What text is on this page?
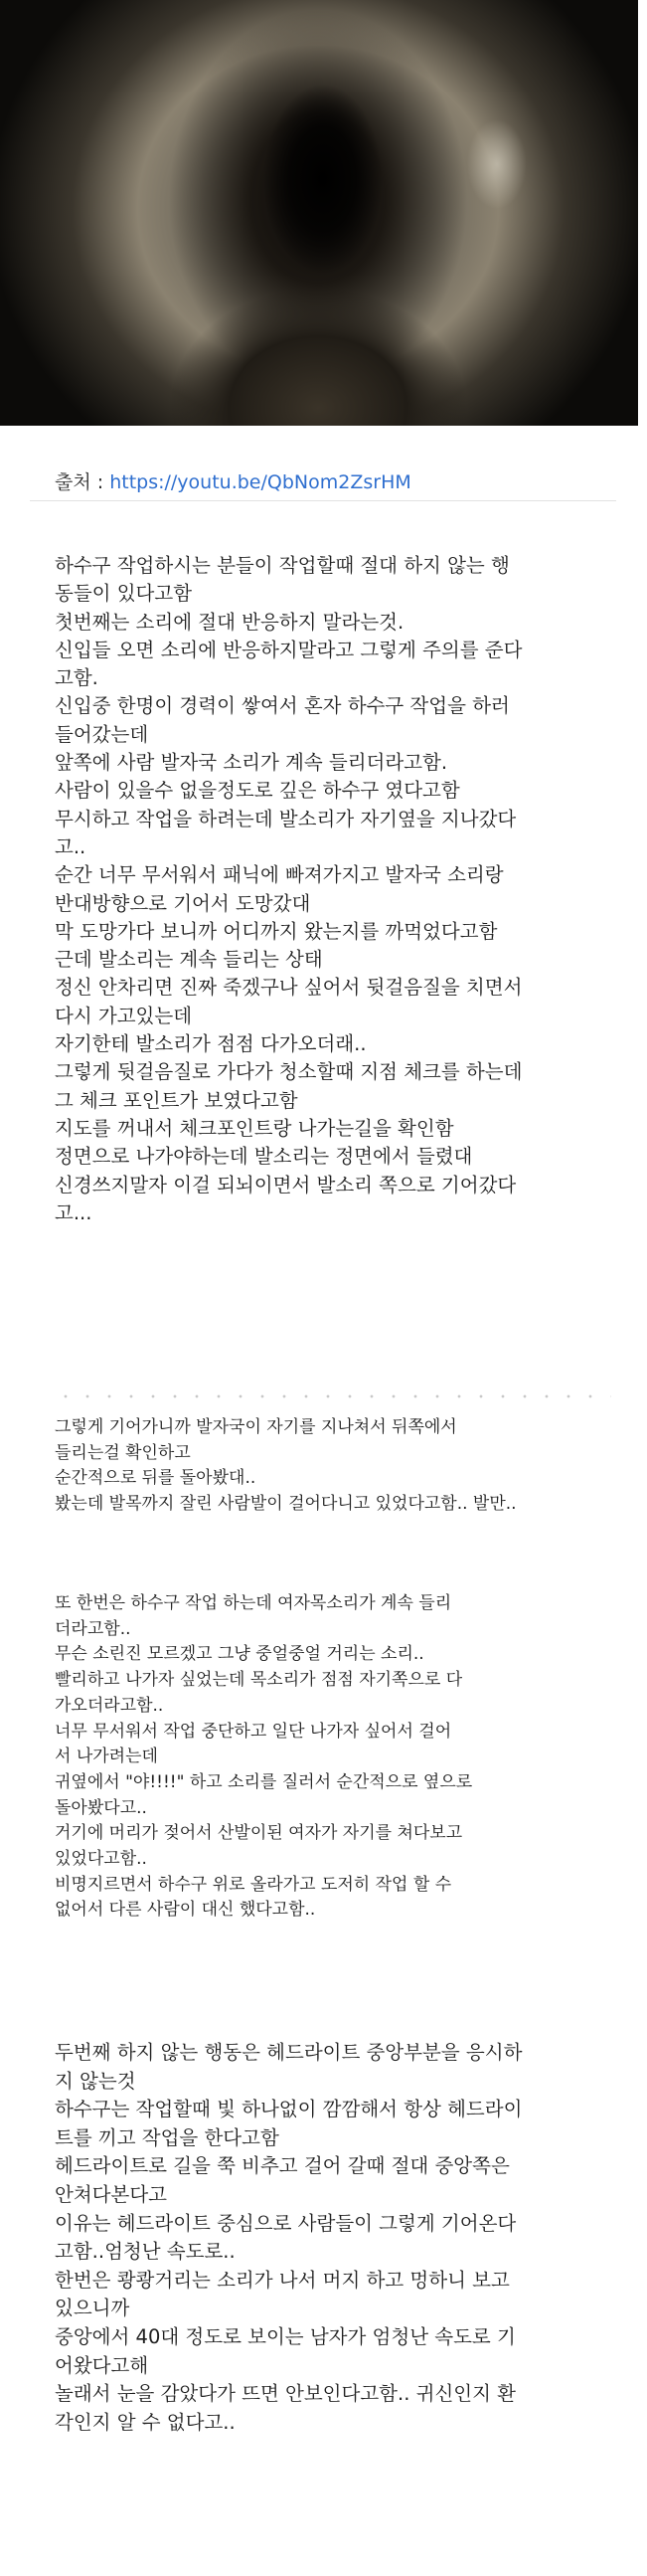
출처 : https://youtu.be/QbNom2ZsrHM
하수구 작업하시는 분들이 작업할때 절대 하지 않는 행
동들이 있다고함
첫번째는 소리에 절대 반응하지 말라는것.
신입들 오면 소리에 반응하지말라고 그렇게 주의를 준다
고함.
신입중 한명이 경력이 쌓여서 혼자 하수구 작업을 하러
들어갔는데
앞쪽에 사람 발자국 소리가 계속 들리더라고함.
사람이 있을수 없을정도로 깊은 하수구 였다고함
무시하고 작업을 하려는데 발소리가 자기옆을 지나갔다
고..
순간 너무 무서워서 패닉에 빠져가지고 발자국 소리랑
반대방향으로 기어서 도망갔대
막 도망가다 보니까 어디까지 왔는지를 까먹었다고함
근데 발소리는 계속 들리는 상태
정신 안차리면 진짜 죽겠구나 싶어서 뒷걸음질을 치면서
다시 가고있는데
자기한테 발소리가 점점 다가오더래..
그렇게 뒷걸음질로 가다가 청소할때 지점 체크를 하는데
그 체크 포인트가 보였다고함
지도를 꺼내서 체크포인트랑 나가는길을 확인함
정면으로 나가야하는데 발소리는 정면에서 들렸대
신경쓰지말자 이걸 되뇌이면서 발소리 쪽으로 기어갔다
고...
그렇게 기어가니까 발자국이 자기를 지나쳐서 뒤쪽에서
들리는걸 확인하고
순간적으로 뒤를 돌아봤대..
봤는데 발목까지 잘린 사람발이 걸어다니고 있었다고함.. 발만..
또 한번은 하수구 작업 하는데 여자목소리가 계속 들리
더라고함..
무슨 소린진 모르겠고 그냥 중얼중얼 거리는 소리..
빨리하고 나가자 싶었는데 목소리가 점점 자기쪽으로 다
가오더라고함..
너무 무서워서 작업 중단하고 일단 나가자 싶어서 걸어
서 나가려는데
귀옆에서 "야!!!!" 하고 소리를 질러서 순간적으로 옆으로
돌아봤다고..
거기에 머리가 젖어서 산발이된 여자가 자기를 쳐다보고
있었다고함..
비명지르면서 하수구 위로 올라가고 도저히 작업 할 수
없어서 다른 사람이 대신 했다고함..
두번째 하지 않는 행동은 헤드라이트 중앙부분을 응시하
지 않는것
하수구는 작업할때 빛 하나없이 깜깜해서 항상 헤드라이
트를 끼고 작업을 한다고함
헤드라이트로 길을 쭉 비추고 걸어 갈때 절대 중앙쪽은
안쳐다본다고
이유는 헤드라이트 중심으로 사람들이 그렇게 기어온다
고함..엄청난 속도로..
한번은 쾅쾅거리는 소리가 나서 머지 하고 멍하니 보고
있으니까
중앙에서 40대 정도로 보이는 남자가 엄청난 속도로 기
어왔다고해
놀래서 눈을 감았다가 뜨면 안보인다고함.. 귀신인지 환
각인지 알 수 없다고..
